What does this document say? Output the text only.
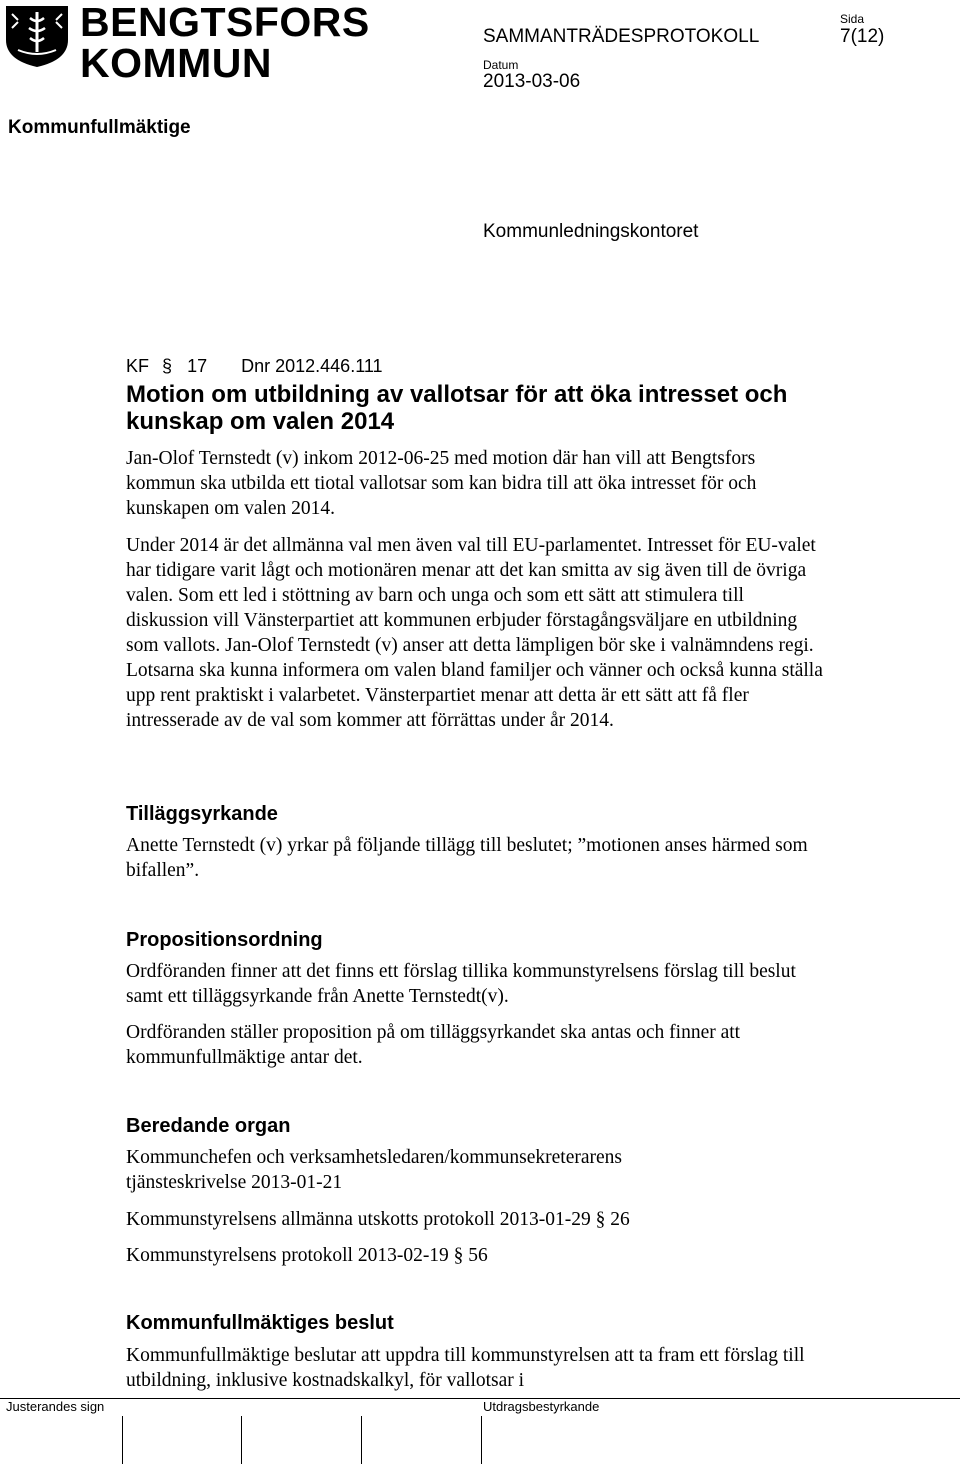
BENGTSFORS
KOMMUN
SAMMANTRÄDESPROTOKOLL
Sida
7(12)
Datum
2013-03-06
Kommunfullmäktige
Kommunledningskontoret
KF § 17 Dnr 2012.446.111
Motion om utbildning av vallotsar för att öka intresset och kunskap om valen 2014

Jan-Olof Ternstedt (v) inkom 2012-06-25 med motion där han vill att Bengtsfors kommun ska utbilda ett tiotal vallotsar som kan bidra till att öka intresset för och kunskapen om valen 2014.

Under 2014 är det allmänna val men även val till EU-parlamentet. Intresset för EU-valet har tidigare varit lågt och motionären menar att det kan smitta av sig även till de övriga valen. Som ett led i stöttning av barn och unga och som ett sätt att stimulera till diskussion vill Vänsterpartiet att kommunen erbjuder förstagångsväljare en utbildning som vallots. Jan-Olof Ternstedt (v) anser att detta lämpligen bör ske i valnämndens regi. Lotsarna ska kunna informera om valen bland familjer och vänner och också kunna ställa upp rent praktiskt i valarbetet. Vänsterpartiet menar att detta är ett sätt att få fler intresserade av de val som kommer att förrättas under år 2014.

Tilläggsyrkande

Anette Ternstedt (v) yrkar på följande tillägg till beslutet; ”motionen anses härmed som bifallen”.

Propositionsordning

Ordföranden finner att det finns ett förslag tillika kommunstyrelsens förslag till beslut samt ett tilläggsyrkande från Anette Ternstedt(v).

Ordföranden ställer proposition på om tilläggsyrkandet ska antas och finner att kommunfullmäktige antar det.

Beredande organ

Kommunchefen och verksamhetsledaren/kommunsekreterarens tjänsteskrivelse 2013-01-21

Kommunstyrelsens allmänna utskotts protokoll 2013-01-29 § 26

Kommunstyrelsens protokoll 2013-02-19 § 56

Kommunfullmäktiges beslut

Kommunfullmäktige beslutar att uppdra till kommunstyrelsen att ta fram ett förslag till utbildning, inklusive kostnadskalkyl, för vallotsar i

Justerandes sign	Utdragsbestyrkande
